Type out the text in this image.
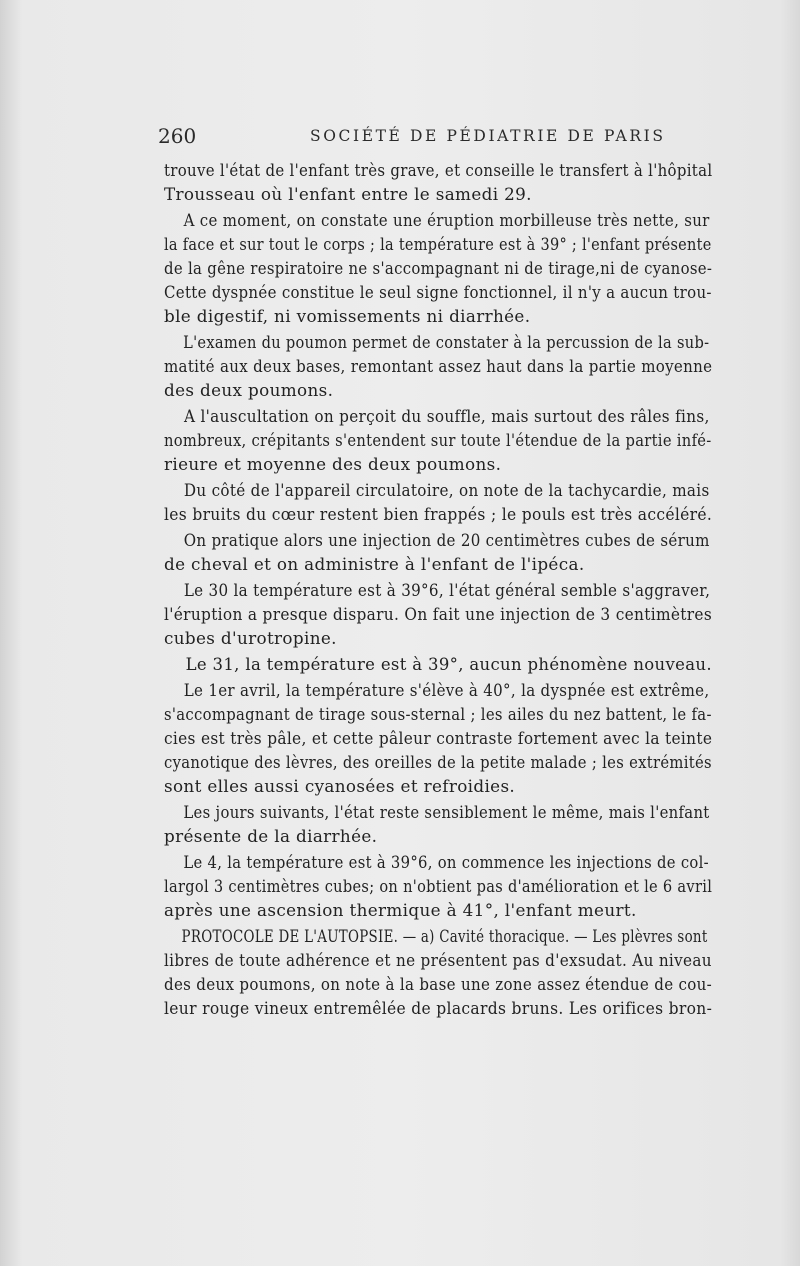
260	SOCIÉTÉ DE PÉDIATRIE DE PARIS
trouve l'état de l'enfant très grave, et conseille le transfert à l'hôpital
Trousseau où l'enfant entre le samedi 29.
A ce moment, on constate une éruption morbilleuse très nette, sur
la face et sur tout le corps ; la température est à 39° ; l'enfant présente
de la gêne respiratoire ne s'accompagnant ni de tirage,ni de cyanose-
Cette dyspnée constitue le seul signe fonctionnel, il n'y a aucun trou-
ble digestif, ni vomissements ni diarrhée.
L'examen du poumon permet de constater à la percussion de la sub-
matité aux deux bases, remontant assez haut dans la partie moyenne
des deux poumons.
A l'auscultation on perçoit du souffle, mais surtout des râles fins,
nombreux, crépitants s'entendent sur toute l'étendue de la partie infé-
rieure et moyenne des deux poumons.
Du côté de l'appareil circulatoire, on note de la tachycardie, mais
les bruits du cœur restent bien frappés ; le pouls est très accéléré.
On pratique alors une injection de 20 centimètres cubes de sérum
de cheval et on administre à l'enfant de l'ipéca.
Le 30 la température est à 39°6, l'état général semble s'aggraver,
l'éruption a presque disparu. On fait une injection de 3 centimètres
cubes d'urotropine.
Le 31, la température est à 39°, aucun phénomène nouveau.
Le 1er avril, la température s'élève à 40°, la dyspnée est extrême,
s'accompagnant de tirage sous-sternal ; les ailes du nez battent, le fa-
cies est très pâle, et cette pâleur contraste fortement avec la teinte
cyanotique des lèvres, des oreilles de la petite malade ; les extrémités
sont elles aussi cyanosées et refroidies.
Les jours suivants, l'état reste sensiblement le même, mais l'enfant
présente de la diarrhée.
Le 4, la température est à 39°6, on commence les injections de col-
largol 3 centimètres cubes; on n'obtient pas d'amélioration et le 6 avril
après une ascension thermique à 41°, l'enfant meurt.
PROTOCOLE DE L'AUTOPSIE. — a) Cavité thoracique. — Les plèvres sont
libres de toute adhérence et ne présentent pas d'exsudat. Au niveau
des deux poumons, on note à la base une zone assez étendue de cou-
leur rouge vineux entremêlée de placards bruns. Les orifices bron-
